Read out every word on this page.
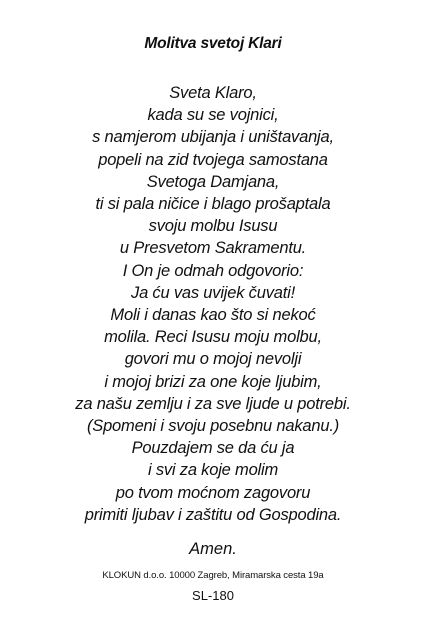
Molitva svetoj Klari
Sveta Klaro,
kada su se vojnici,
s namjerom ubijanja i uništavanja,
popeli na zid tvojega samostana
Svetoga Damjana,
ti si pala ničice i blago prošaptala
svoju molbu Isusu
u Presvetom Sakramentu.
I On je odmah odgovorio:
Ja ću vas uvijek čuvati!
Moli i danas kao što si nekoć
molila. Reci Isusu moju molbu,
govori mu o mojoj nevolji
i mojoj brizi za one koje ljubim,
za našu zemlju i za sve ljude u potrebi.
(Spomeni i svoju posebnu nakanu.)
Pouzdajem se da ću ja
i svi za koje molim
po tvom moćnom zagovoru
primiti ljubav i zaštitu od Gospodina.
Amen.
KLOKUN d.o.o. 10000 Zagreb, Miramarska cesta 19a
SL-180
